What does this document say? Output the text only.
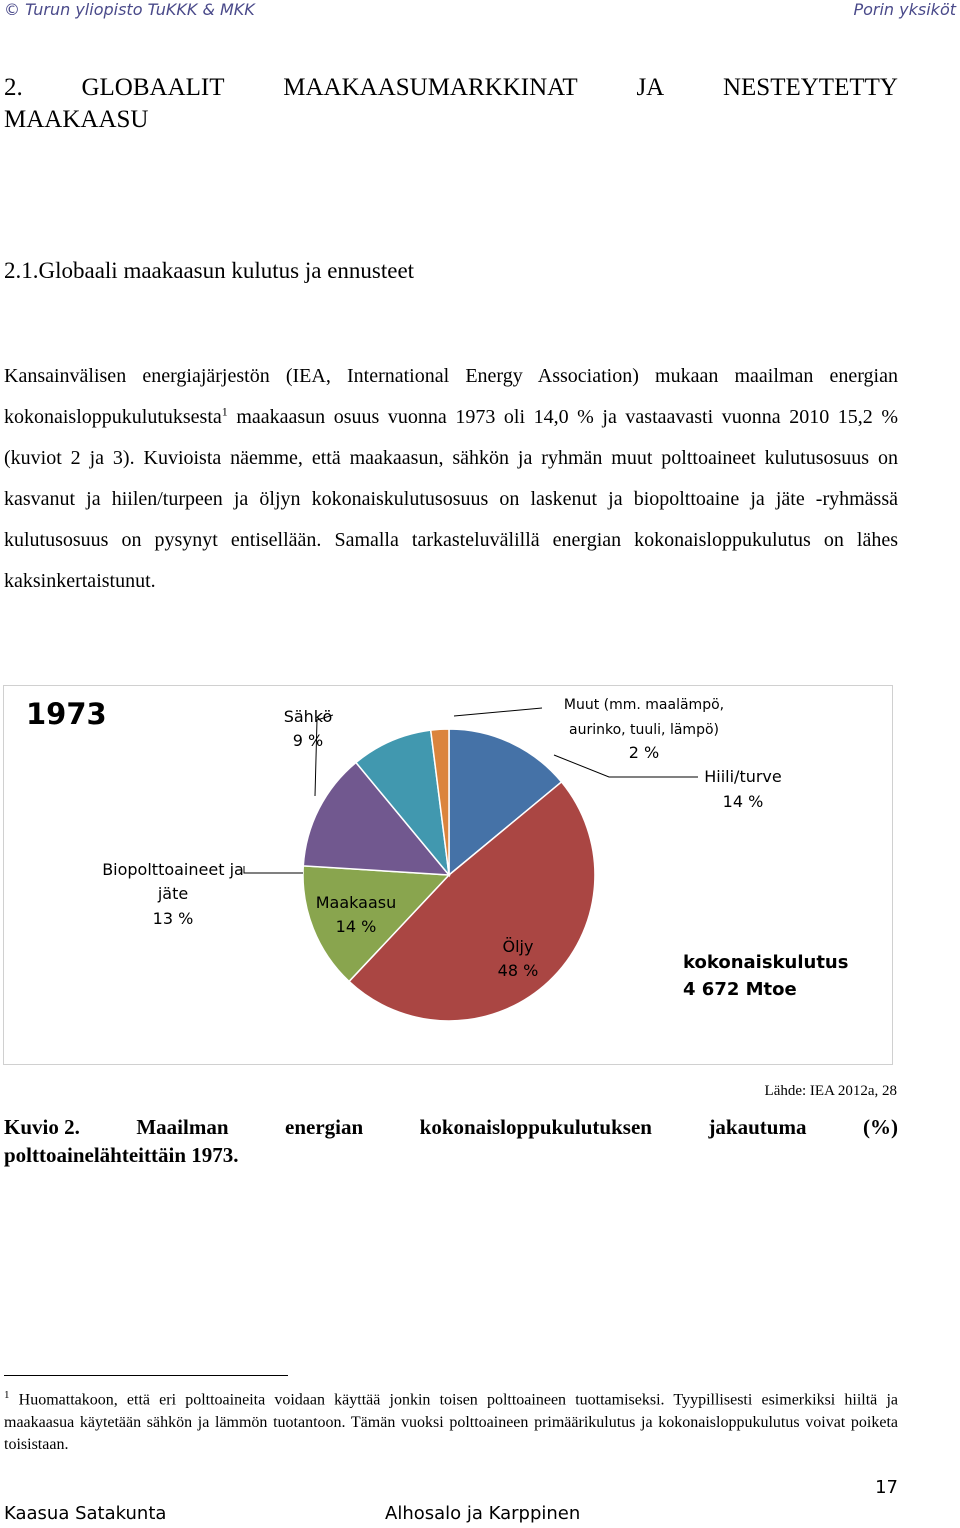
© Turun yliopisto TuKKK & MKK	Porin yksiköt
2. GLOBAALIT MAAKAASUMARKKINAT JA NESTEYTETTY
MAAKAASU
2.1.Globaali maakaasun kulutus ja ennusteet

Kansainvälisen energiajärjestön (IEA, International Energy Association) mukaan maailman energian kokonaisloppukulutuksesta$^1$ maakaasun osuus vuonna 1973 oli 14,0 % ja vastaavasti vuonna 2010 15,2 % (kuviot 2 ja 3). Kuvioista näemme, että maakaasun, sähkön ja ryhmän muut polttoaineet kulutusosuus on kasvanut ja hiilen/turpeen ja öljyn kokonaiskulutusosuus on laskenut ja biopolttoaine ja jäte -ryhmässä kulutusosuus on pysynyt entisellään. Samalla tarkasteluvälillä energian kokonaisloppukulutus on lähes kaksinkertaistunut.

1973	Sähkö
9 %
Muut (mm. maalämpö,
aurinko, tuuli, lämpö)
2 %
Hiili/turve
14 %
Biopolttoaineet ja
jäte
13 %
Maakaasu
14 %
Öljy
48 %	kokonaiskulutus
4 672 Mtoe
Lähde: IEA 2012a, 28
Kuvio 2.	Maailman	energian	kokonaisloppukulutuksen	jakautuma	(%)
polttoainelähteittäin 1973.

$^1$ Huomattakoon, että eri polttoaineita voidaan käyttää jonkin toisen polttoaineen tuottamiseksi. Tyypillisesti esimerkiksi hiiltä ja maakaasua käytetään sähkön ja lämmön tuotantoon. Tämän vuoksi polttoaineen primäärikulutus ja kokonaisloppukulutus voivat poiketa toisistaan.

17
Kaasua Satakunta	Alhosalo ja Karppinen
